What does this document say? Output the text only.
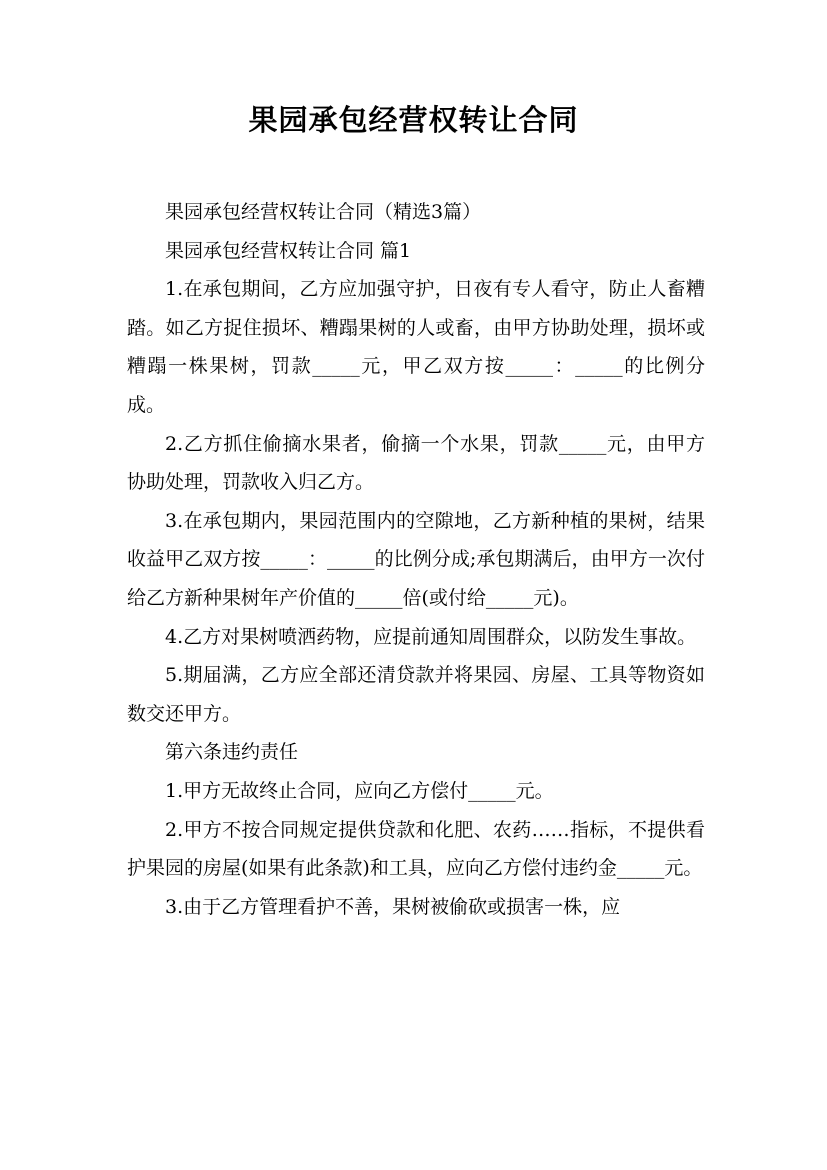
果园承包经营权转让合同

果园承包经营权转让合同（精选3篇）

果园承包经营权转让合同 篇1

1.在承包期间，乙方应加强守护，日夜有专人看守，防止人畜糟踏。如乙方捉住损坏、糟蹋果树的人或畜，由甲方协助处理，损坏或糟蹋一株果树，罚款_____元，甲乙双方按_____：_____的比例分成。

2.乙方抓住偷摘水果者，偷摘一个水果，罚款_____元，由甲方协助处理，罚款收入归乙方。

3.在承包期内，果园范围内的空隙地，乙方新种植的果树，结果收益甲乙双方按_____：_____的比例分成;承包期满后，由甲方一次付给乙方新种果树年产价值的_____倍(或付给_____元)。

4.乙方对果树喷洒药物，应提前通知周围群众，以防发生事故。

5.期届满，乙方应全部还清贷款并将果园、房屋、工具等物资如数交还甲方。

第六条违约责任

1.甲方无故终止合同，应向乙方偿付_____元。

2.甲方不按合同规定提供贷款和化肥、农药……指标，不提供看护果园的房屋(如果有此条款)和工具，应向乙方偿付违约金_____元。

3.由于乙方管理看护不善，果树被偷砍或损害一株，应
